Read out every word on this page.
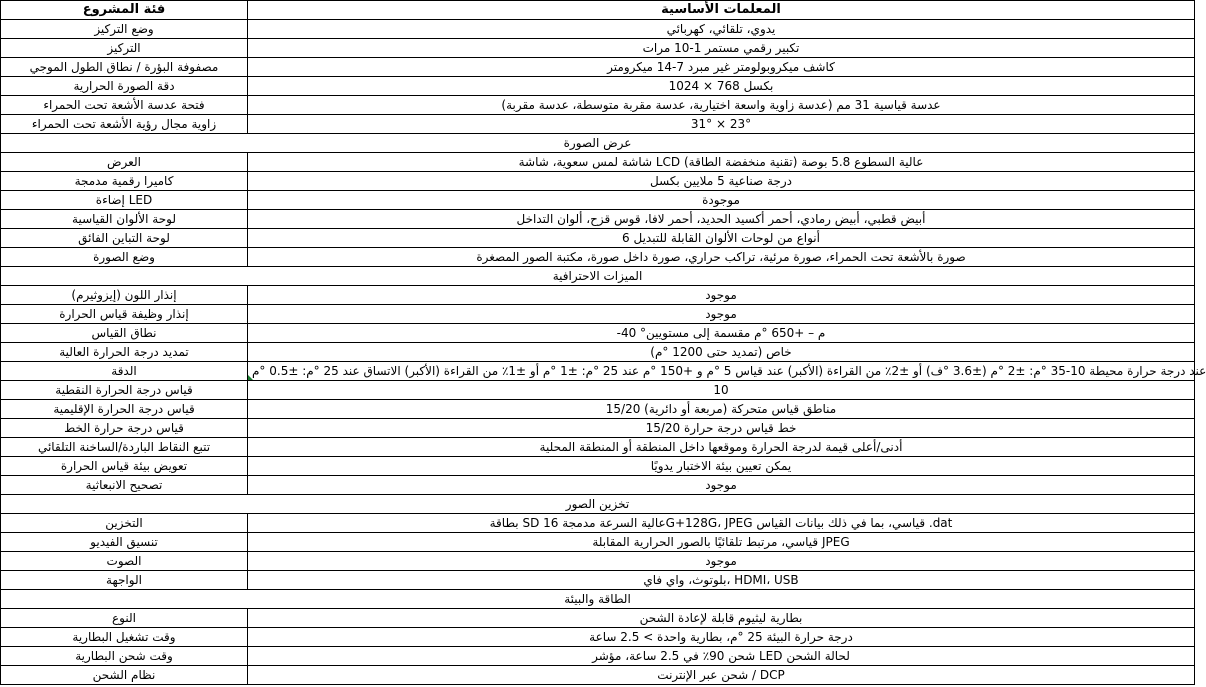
فئة المشروع	المعلمات الأساسية
وضع التركيز	يدوي، تلقائي، كهربائي
التركيز	تكبير رقمي مستمر 1-10 مرات
مصفوفة البؤرة / نطاق الطول الموجي	كاشف ميكروبولومتر غير مبرد 7-14 ميكرومتر
دقة الصورة الحرارية	بكسل 768 × 1024
فتحة عدسة الأشعة تحت الحمراء	عدسة قياسية 31 مم (عدسة زاوية واسعة اختيارية، عدسة مقربة متوسطة، عدسة مقربة)
زاوية مجال رؤية الأشعة تحت الحمراء	31° × 23°
عرض الصورة	
العرض	شاشة لمس سعوية، شاشة LCD عالية السطوع 5.8 بوصة (تقنية منخفضة الطاقة)
كاميرا رقمية مدمجة	درجة صناعية 5 ملايين بكسل
إضاءة LED	موجودة
لوحة الألوان القياسية	أبيض قطبي، أبيض رمادي، أحمر أكسيد الحديد، أحمر لافا، قوس قزح، ألوان التداخل
لوحة التباين الفائق	أنواع من لوحات الألوان القابلة للتبديل 6
وضع الصورة	صورة بالأشعة تحت الحمراء، صورة مرئية، تراكب حراري، صورة داخل صورة، مكتبة الصور المصغرة
الميزات الاحترافية	
إنذار اللون (إيزوثيرم)	موجود
إنذار وظيفة قياس الحرارة	موجود
نطاق القياس	-40 °م – +650 °م مقسمة إلى مستويين
تمديد درجة الحرارة العالية	خاص (تمديد حتى 1200 °م)
الدقة	عند درجة حرارة محيطة 10-35 °م: ±2 °م (±3.6 °ف) أو ±2٪ من القراءة (الأكبر) عند قياس 5 °م و +150 °م عند 25 °م: ±1 °م أو ±1٪ من القراءة (الأكبر) الاتساق عند 25 °م: ±0.5 °م

قياس درجة الحرارة النقطية	10
قياس درجة الحرارة الإقليمية	مناطق قياس متحركة (مربعة أو دائرية) 15/20
قياس درجة حرارة الخط	خط قياس درجة حرارة 15/20
تتبع النقاط الباردة/الساخنة التلقائي	أدنى/أعلى قيمة لدرجة الحرارة وموقعها داخل المنطقة أو المنطقة المحلية
تعويض بيئة قياس الحرارة	يمكن تعيين بيئة الاختبار يدويًا
تصحيح الانبعاثية	موجود
تخزين الصور	
التخزين	بطاقة SD عالية السرعة مدمجة 16G+128G، JPEG قياسي، بما في ذلك بيانات القياس .dat
تنسيق الفيديو	قياسي، مرتبط تلقائيًا بالصور الحرارية المقابلة JPEG
الصوت	موجود
الواجهة	بلوتوث، واي فاي، HDMI، USB
الطاقة والبيئة	
النوع	بطارية ليثيوم قابلة لإعادة الشحن
وقت تشغيل البطارية	درجة حرارة البيئة 25 °م، بطارية واحدة > 2.5 ساعة
وقت شحن البطارية	شحن 90٪ في 2.5 ساعة، مؤشر LED لحالة الشحن
نظام الشحن	شحن عبر الإنترنت / DCP
